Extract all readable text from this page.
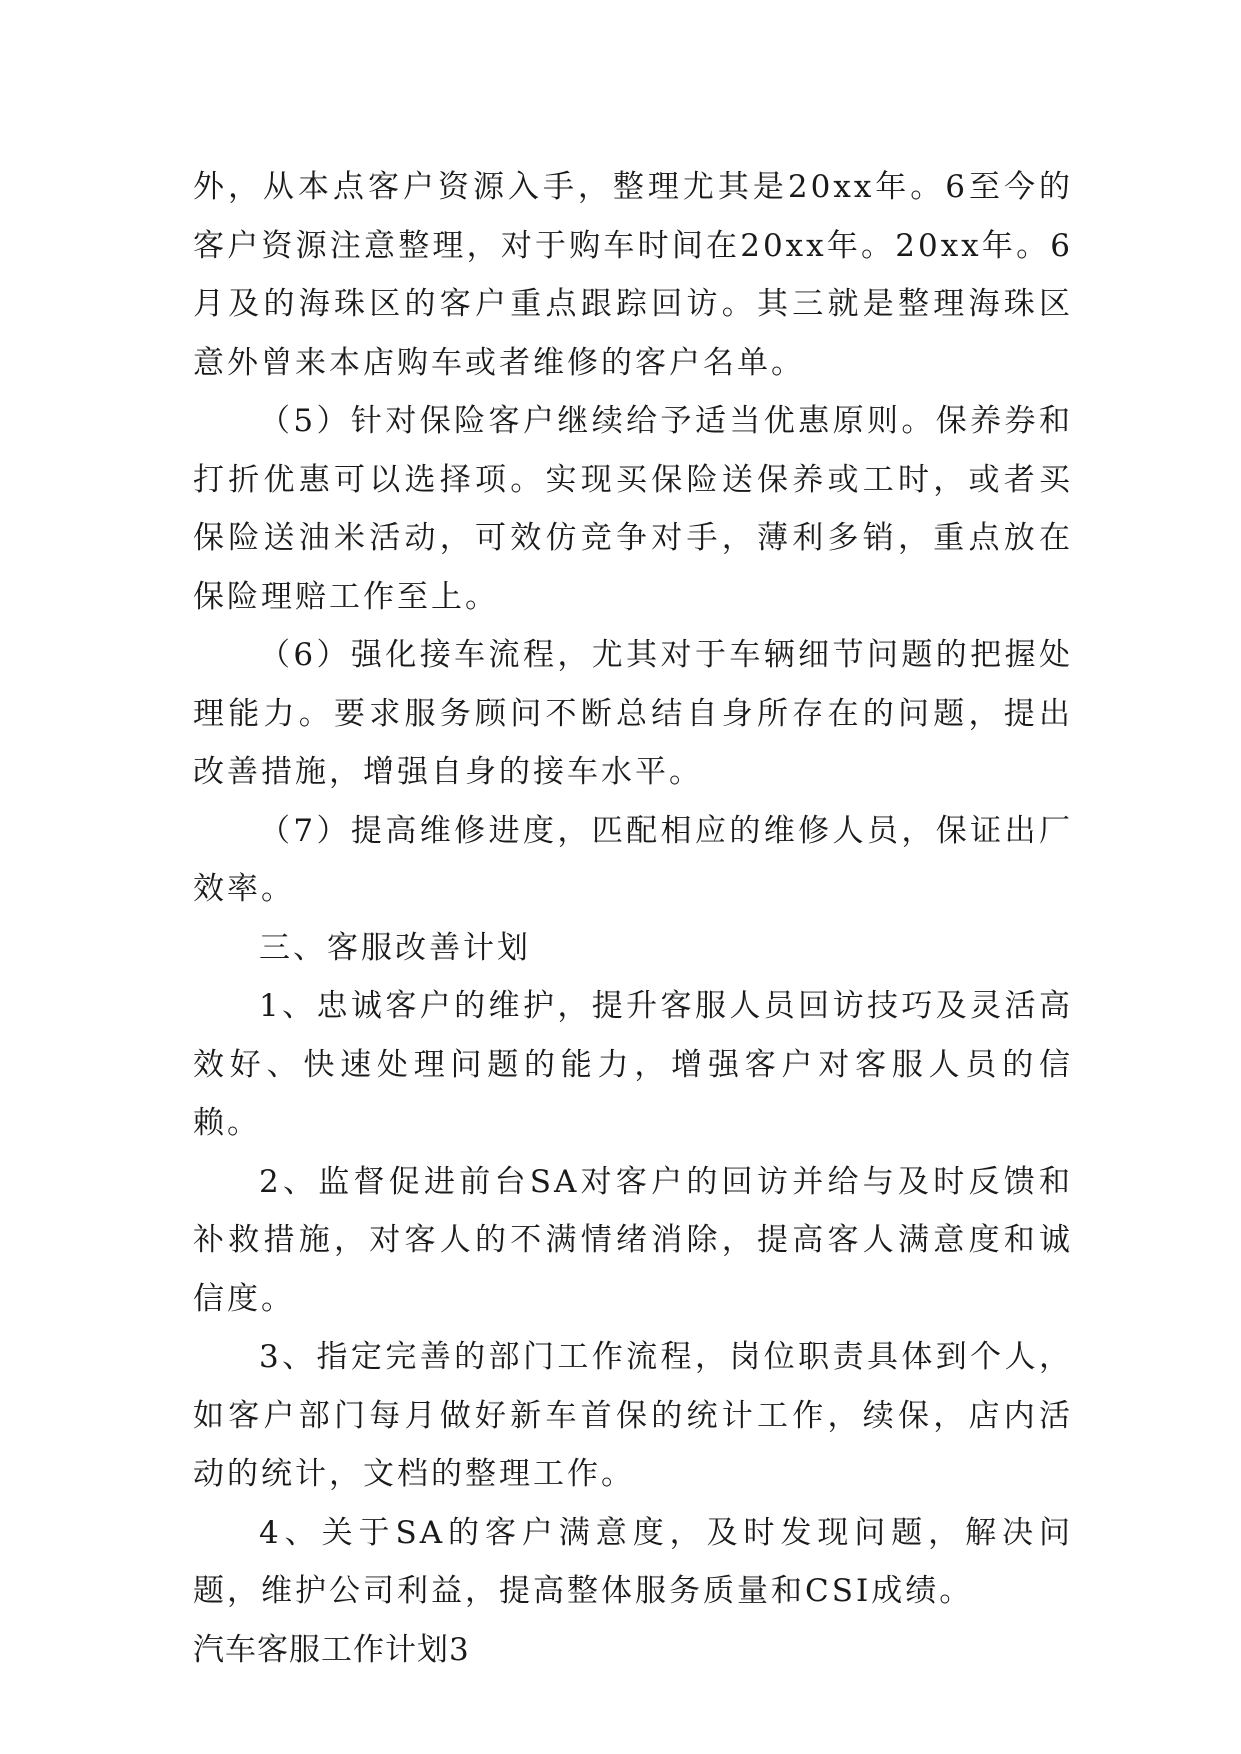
外，从本点客户资源入手，整理尤其是20xx年。6至今的客户资源注意整理，对于购车时间在20xx年。20xx年。6月及的海珠区的客户重点跟踪回访。其三就是整理海珠区意外曾来本店购车或者维修的客户名单。

（5）针对保险客户继续给予适当优惠原则。保养券和打折优惠可以选择项。实现买保险送保养或工时，或者买保险送油米活动，可效仿竞争对手，薄利多销，重点放在保险理赔工作至上。

（6）强化接车流程，尤其对于车辆细节问题的把握处理能力。要求服务顾问不断总结自身所存在的问题，提出改善措施，增强自身的接车水平。

（7）提高维修进度，匹配相应的维修人员，保证出厂效率。

三、客服改善计划

1、忠诚客户的维护，提升客服人员回访技巧及灵活高效好、快速处理问题的能力，增强客户对客服人员的信赖。

2、监督促进前台SA对客户的回访并给与及时反馈和补救措施，对客人的不满情绪消除，提高客人满意度和诚信度。

3、指定完善的部门工作流程，岗位职责具体到个人，如客户部门每月做好新车首保的统计工作，续保，店内活动的统计，文档的整理工作。

4、关于SA的客户满意度，及时发现问题，解决问题，维护公司利益，提高整体服务质量和CSI成绩。

汽车客服工作计划3
